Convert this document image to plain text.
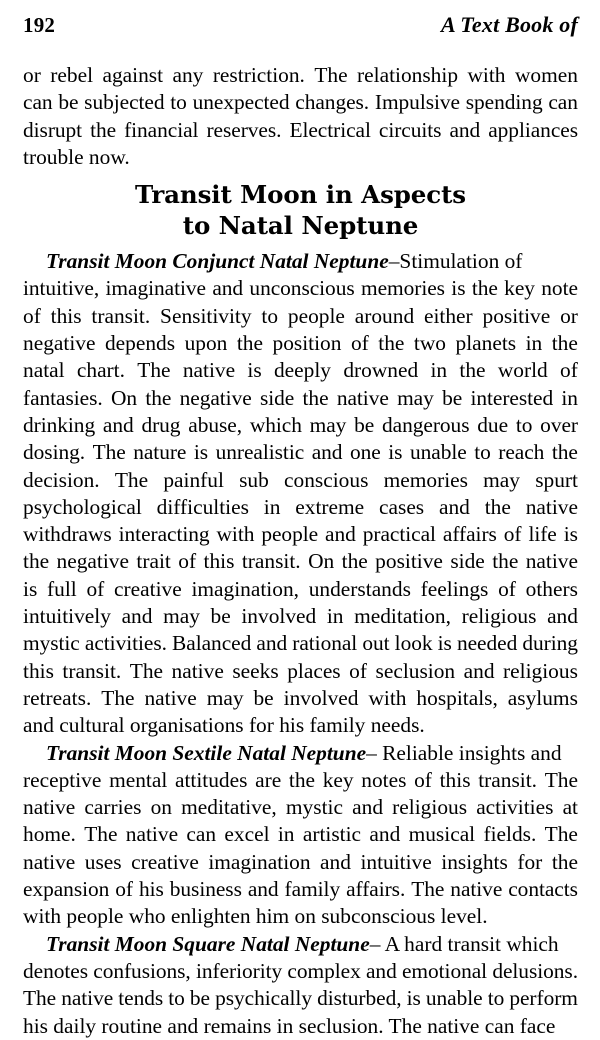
192	A Text Book of
or rebel against any restriction. The relationship with women
can be subjected to unexpected changes. Impulsive spending can
disrupt the financial reserves. Electrical circuits and appliances
trouble now.
Transit Moon in Aspects
to Natal Neptune
Transit Moon Conjunct Natal Neptune–Stimulation of
intuitive, imaginative and unconscious memories is the key note
of this transit. Sensitivity to people around either positive or
negative depends upon the position of the two planets in the
natal chart. The native is deeply drowned in the world of
fantasies. On the negative side the native may be interested in
drinking and drug abuse, which may be dangerous due to over
dosing. The nature is unrealistic and one is unable to reach the
decision. The painful sub conscious memories may spurt
psychological difficulties in extreme cases and the native
withdraws interacting with people and practical affairs of life is
the negative trait of this transit. On the positive side the native
is full of creative imagination, understands feelings of others
intuitively and may be involved in meditation, religious and
mystic activities. Balanced and rational out look is needed during
this transit. The native seeks places of seclusion and religious
retreats. The native may be involved with hospitals, asylums
and cultural organisations for his family needs.
Transit Moon Sextile Natal Neptune– Reliable insights and
receptive mental attitudes are the key notes of this transit. The
native carries on meditative, mystic and religious activities at
home. The native can excel in artistic and musical fields. The
native uses creative imagination and intuitive insights for the
expansion of his business and family affairs. The native contacts
with people who enlighten him on subconscious level.
Transit Moon Square Natal Neptune– A hard transit which
denotes confusions, inferiority complex and emotional delusions.
The native tends to be psychically disturbed, is unable to perform
his daily routine and remains in seclusion. The native can face
